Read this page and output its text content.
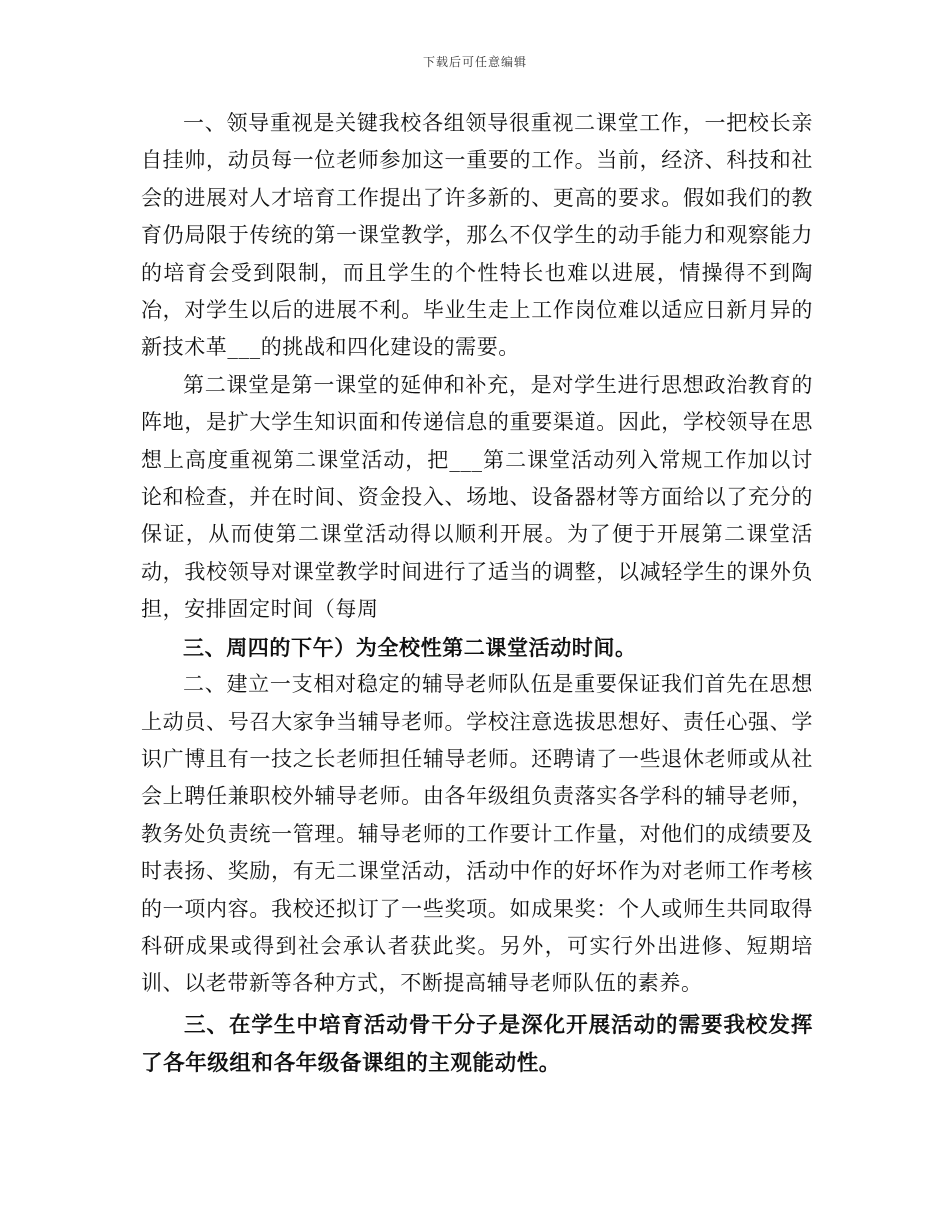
下载后可任意编辑

一、领导重视是关键我校各组领导很重视二课堂工作，一把校长亲自挂帅，动员每一位老师参加这一重要的工作。当前，经济、科技和社会的进展对人才培育工作提出了许多新的、更高的要求。假如我们的教育仍局限于传统的第一课堂教学，那么不仅学生的动手能力和观察能力的培育会受到限制，而且学生的个性特长也难以进展，情操得不到陶冶，对学生以后的进展不利。毕业生走上工作岗位难以适应日新月异的新技术革___的挑战和四化建设的需要。

第二课堂是第一课堂的延伸和补充，是对学生进行思想政治教育的阵地，是扩大学生知识面和传递信息的重要渠道。因此，学校领导在思想上高度重视第二课堂活动，把___第二课堂活动列入常规工作加以讨论和检查，并在时间、资金投入、场地、设备器材等方面给以了充分的保证，从而使第二课堂活动得以顺利开展。为了便于开展第二课堂活动，我校领导对课堂教学时间进行了适当的调整，以减轻学生的课外负担，安排固定时间（每周

三、周四的下午）为全校性第二课堂活动时间。

二、建立一支相对稳定的辅导老师队伍是重要保证我们首先在思想上动员、号召大家争当辅导老师。学校注意选拔思想好、责任心强、学识广博且有一技之长老师担任辅导老师。还聘请了一些退休老师或从社会上聘任兼职校外辅导老师。由各年级组负责落实各学科的辅导老师，教务处负责统一管理。辅导老师的工作要计工作量，对他们的成绩要及时表扬、奖励，有无二课堂活动，活动中作的好坏作为对老师工作考核的一项内容。我校还拟订了一些奖项。如成果奖：个人或师生共同取得科研成果或得到社会承认者获此奖。另外，可实行外出进修、短期培训、以老带新等各种方式，不断提高辅导老师队伍的素养。

三、在学生中培育活动骨干分子是深化开展活动的需要我校发挥了各年级组和各年级备课组的主观能动性。
